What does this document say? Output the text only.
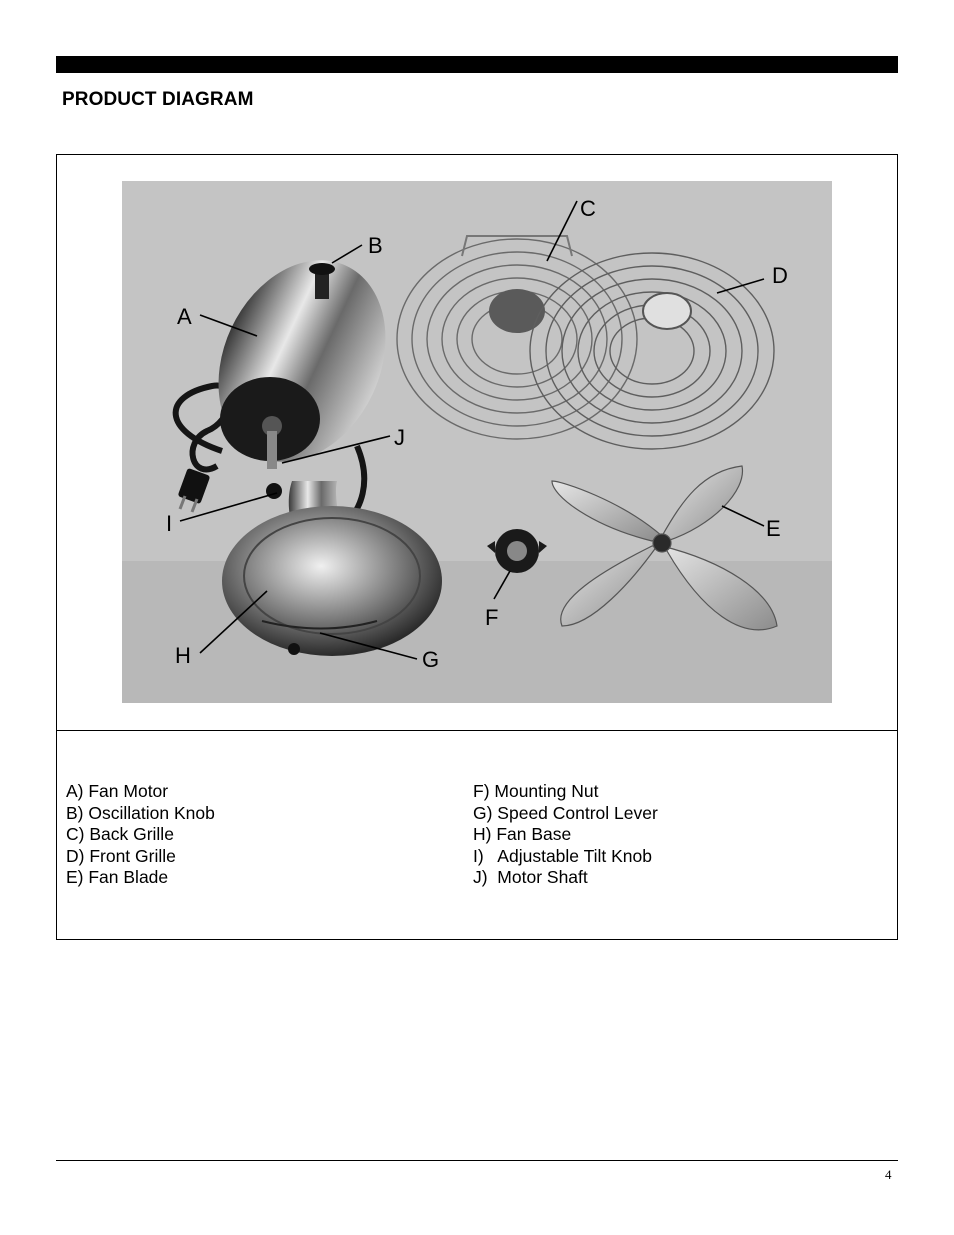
PRODUCT DIAGRAM
A
B
C
D
E
F
G
H
I
J
A) Fan Motor
B) Oscillation Knob
C) Back Grille
D) Front Grille
E) Fan Blade
F) Mounting Nut
G) Speed Control Lever
H) Fan Base
I)   Adjustable Tilt Knob
J)  Motor Shaft
4
